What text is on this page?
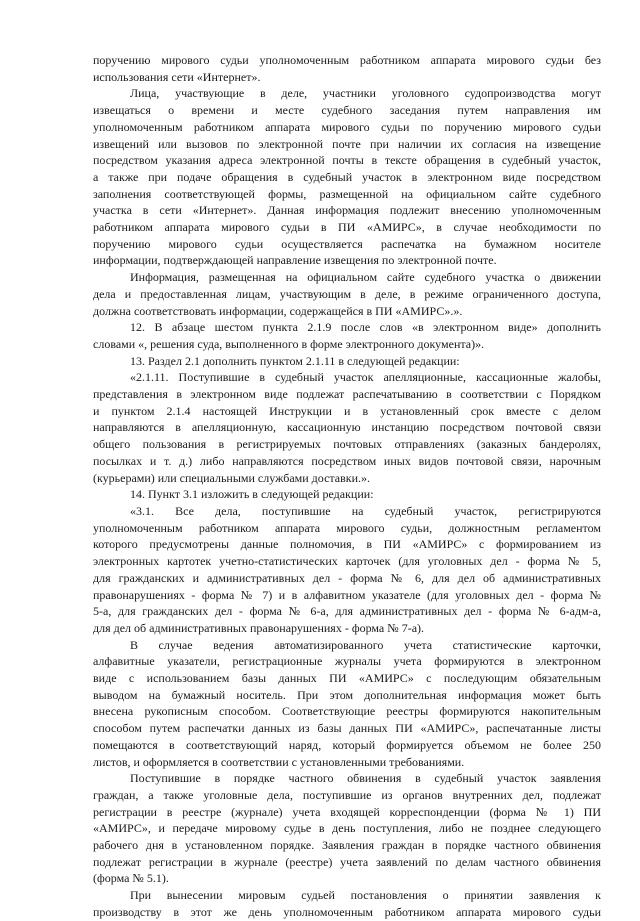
поручению мирового судьи уполномоченным работником аппарата мирового судьи без
использования сети «Интернет».

Лица, участвующие в деле, участники уголовного судопроизводства могут
извещаться о времени и месте судебного заседания путем направления им
уполномоченным работником аппарата мирового судьи по поручению мирового судьи
извещений или вызовов по электронной почте при наличии их согласия на извещение
посредством указания адреса электронной почты в тексте обращения в судебный участок,
а также при подаче обращения в судебный участок в электронном виде посредством
заполнения соответствующей формы, размещенной на официальном сайте судебного
участка в сети «Интернет». Данная информация подлежит внесению уполномоченным
работником аппарата мирового судьи в ПИ «АМИРС», в случае необходимости по
поручению мирового судьи осуществляется распечатка на бумажном носителе
информации, подтверждающей направление извещения по электронной почте.

Информация, размещенная на официальном сайте судебного участка о движении
дела и предоставленная лицам, участвующим в деле, в режиме ограниченного доступа,
должна соответствовать информации, содержащейся в ПИ «АМИРС».».

12. В абзаце шестом пункта 2.1.9 после слов «в электронном виде» дополнить
словами «, решения суда, выполненного в форме электронного документа)».

13. Раздел 2.1 дополнить пунктом 2.1.11 в следующей редакции:

«2.1.11. Поступившие в судебный участок апелляционные, кассационные жалобы,
представления в электронном виде подлежат распечатыванию в соответствии с Порядком
и пунктом 2.1.4 настоящей Инструкции и в установленный срок вместе с делом
направляются в апелляционную, кассационную инстанцию посредством почтовой связи
общего пользования в регистрируемых почтовых отправлениях (заказных бандеролях,
посылках и т. д.) либо направляются посредством иных видов почтовой связи, нарочным
(курьерами) или специальными службами доставки.».

14. Пункт 3.1 изложить в следующей редакции:

«3.1. Все дела, поступившие на судебный участок, регистрируются
уполномоченным работником аппарата мирового судьи, должностным регламентом
которого предусмотрены данные полномочия, в ПИ «АМИРС» с формированием из
электронных картотек учетно-статистических карточек (для уголовных дел - форма № 5,
для гражданских и административных дел - форма № 6, для дел об административных
правонарушениях - форма № 7) и в алфавитном указателе (для уголовных дел - форма №
5-а, для гражданских дел - форма № 6-а, для административных дел - форма № 6-адм-а,
для дел об административных правонарушениях - форма № 7-а).

В случае ведения автоматизированного учета статистические карточки,
алфавитные указатели, регистрационные журналы учета формируются в электронном
виде с использованием базы данных ПИ «АМИРС» с последующим обязательным
выводом на бумажный носитель. При этом дополнительная информация может быть
внесена рукописным способом. Соответствующие реестры формируются накопительным
способом путем распечатки данных из базы данных ПИ «АМИРС», распечатанные листы
помещаются в соответствующий наряд, который формируется объемом не более 250
листов, и оформляется в соответствии с установленными требованиями.

Поступившие в порядке частного обвинения в судебный участок заявления
граждан, а также уголовные дела, поступившие из органов внутренних дел, подлежат
регистрации в реестре (журнале) учета входящей корреспонденции (форма № 1) ПИ
«АМИРС», и передаче мировому судье в день поступления, либо не позднее следующего
рабочего дня в установленном порядке. Заявления граждан в порядке частного обвинения
подлежат регистрации в журнале (реестре) учета заявлений по делам частного обвинения
(форма № 5.1).

При вынесении мировым судьей постановления о принятии заявления к
производству в этот же день уполномоченным работником аппарата мирового судьи
